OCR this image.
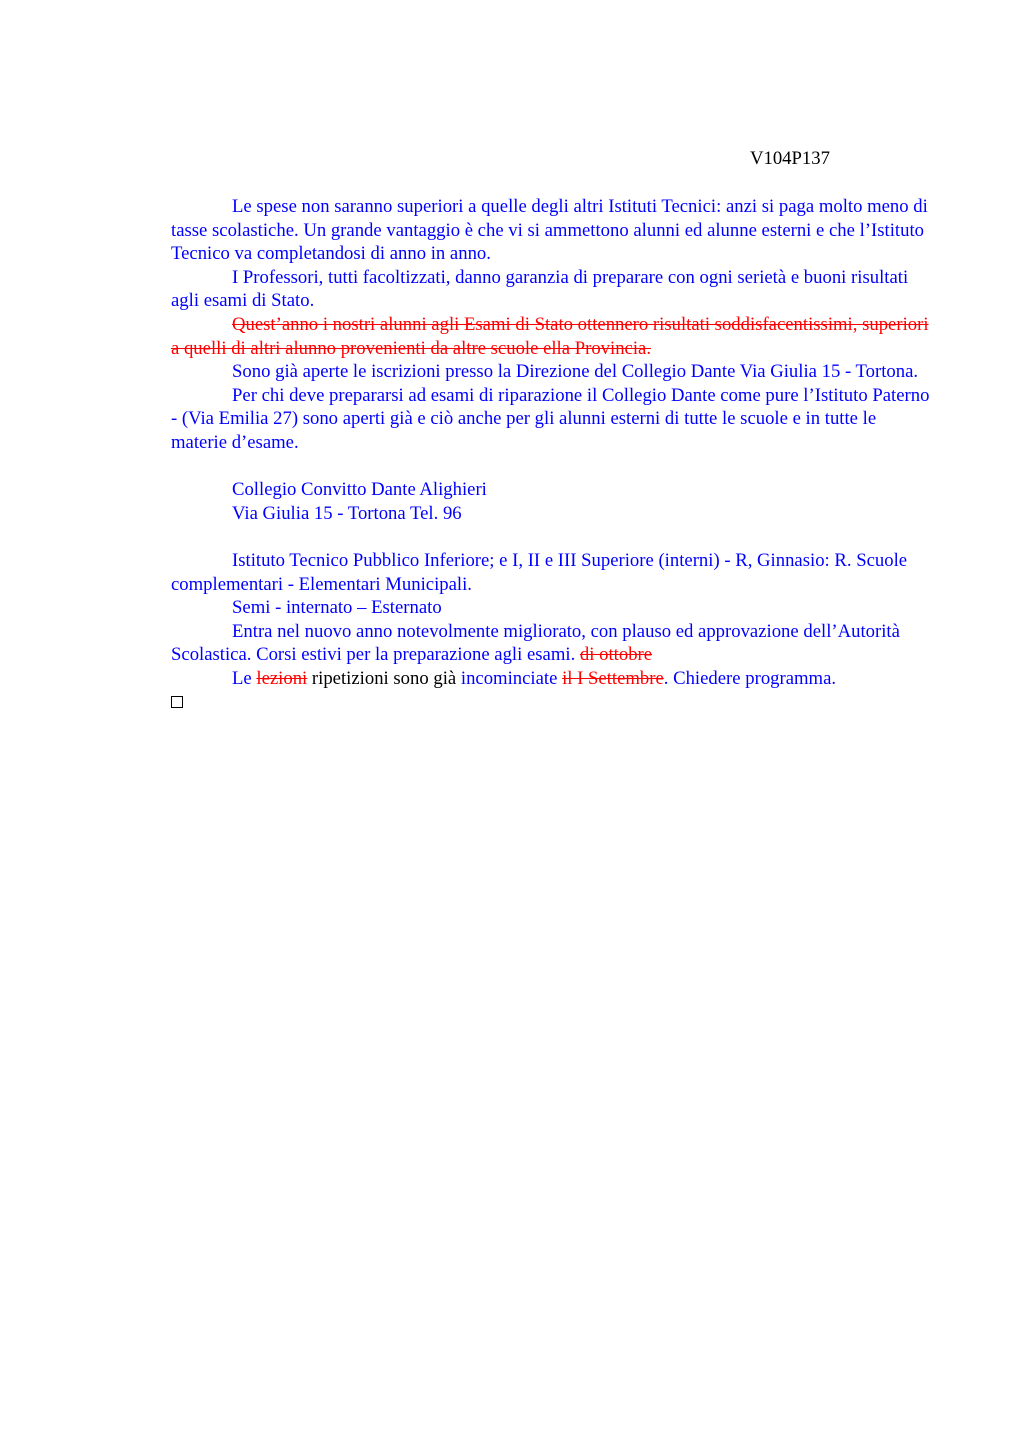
V104P137

Le spese non saranno superiori a quelle degli altri Istituti Tecnici: anzi si paga molto meno di tasse scolastiche. Un grande vantaggio è che vi si ammettono alunni ed alunne esterni e che l’Istituto Tecnico va completandosi di anno in anno.

I Professori, tutti facoltizzati, danno garanzia di preparare con ogni serietà e buoni risultati agli esami di Stato.

Quest’anno i nostri alunni agli Esami di Stato ottennero risultati soddisfacentissimi, superiori a quelli di altri alunno provenienti da altre scuole ella Provincia.

Sono già aperte le iscrizioni presso la Direzione del Collegio Dante Via Giulia 15 - Tortona.

Per chi deve prepararsi ad esami di riparazione il Collegio Dante come pure l’Istituto Paterno - (Via Emilia 27) sono aperti già e ciò anche per gli alunni esterni di tutte le scuole e in tutte le materie d’esame.

Collegio Convitto Dante Alighieri

Via Giulia 15 - Tortona Tel. 96

Istituto Tecnico Pubblico Inferiore; e I, II e III Superiore (interni) - R, Ginnasio: R. Scuole complementari - Elementari Municipali.

Semi - internato – Esternato

Entra nel nuovo anno notevolmente migliorato, con plauso ed approvazione dell’Autorità Scolastica. Corsi estivi per la preparazione agli esami. di ottobre

Le lezioni ripetizioni sono già incominciate il I Settembre. Chiedere programma.
